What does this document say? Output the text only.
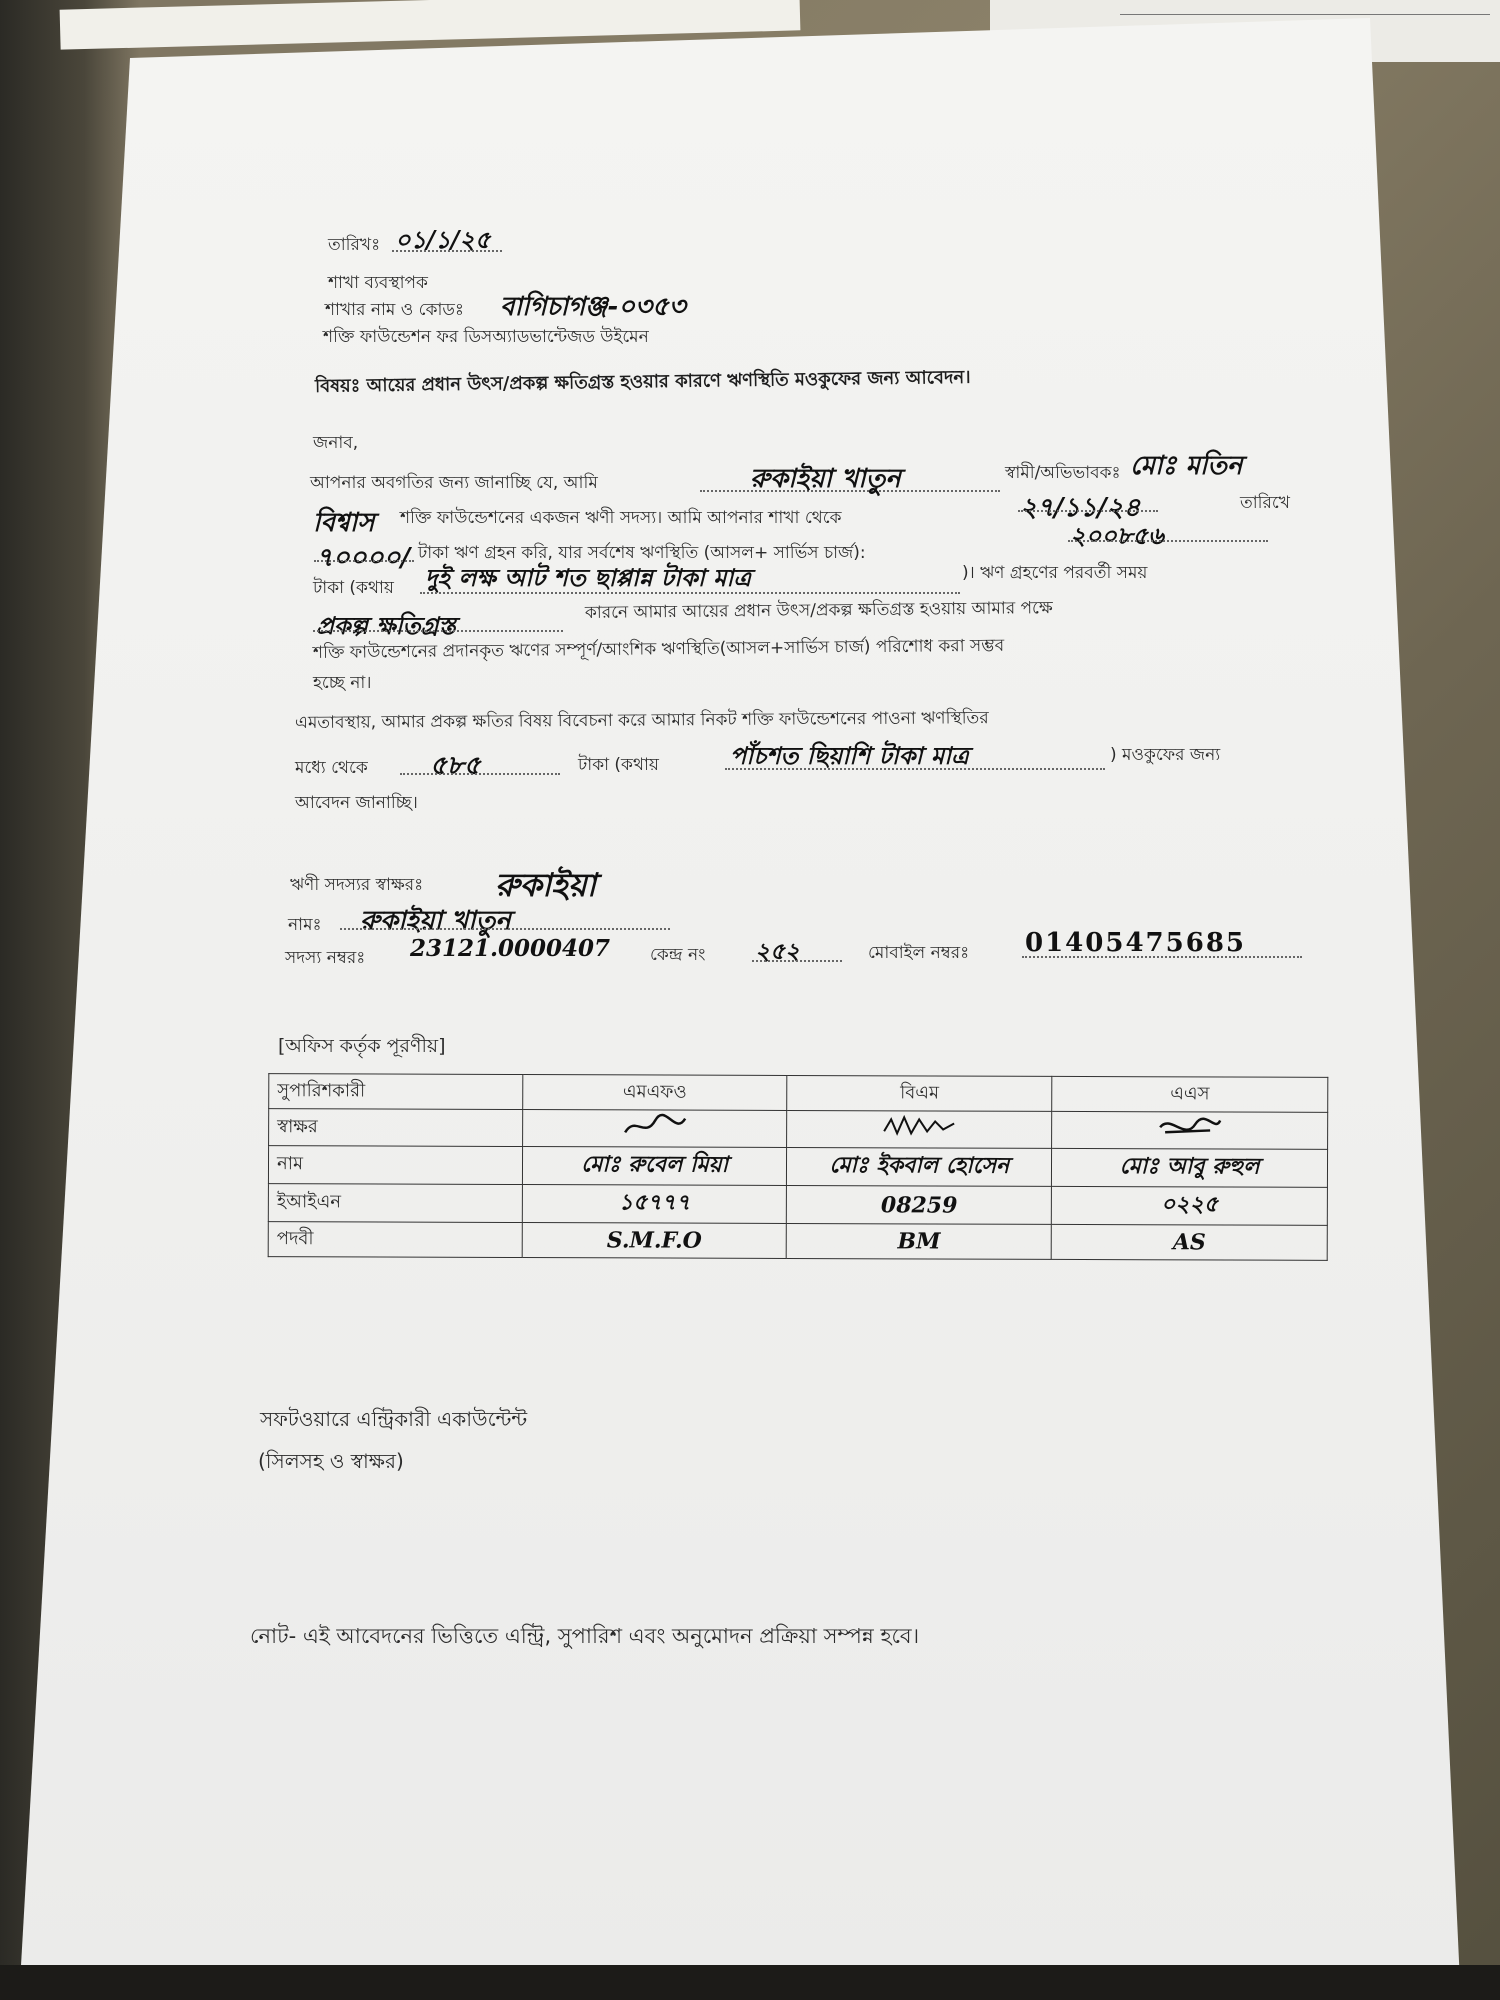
তারিখঃ ০১/১/২৫
শাখা ব্যবস্থাপক
শাখার নাম ও কোডঃ বাগিচাগঞ্জ-০৩৫৩
শক্তি ফাউন্ডেশন ফর ডিসঅ্যাডভান্টেজড উইমেন
বিষয়ঃ আয়ের প্রধান উৎস/প্রকল্প ক্ষতিগ্রস্ত হওয়ার কারণে ঋণস্থিতি মওকুফের জন্য আবেদন।
জনাব,
আপনার অবগতির জন্য জানাচ্ছি যে, আমি	রুকাইয়া খাতুন	স্বামী/অভিভাবকঃ মোঃ মতিন
বিশ্বাস শক্তি ফাউন্ডেশনের একজন ঋণী সদস্য। আমি আপনার শাখা থেকে	২৭/১১/২৪	তারিখে
৭০০০০/ টাকা ঋণ গ্রহন করি, যার সর্বশেষ ঋণস্থিতি (আসল+ সার্ভিস চার্জ):
২০০৮৫৬
টাকা (কথায় দুই লক্ষ আট শত ছাপ্পান্ন টাকা মাত্র	)। ঋণ গ্রহণের পরবর্তী সময়
প্রকল্প ক্ষতিগ্রস্ত
কারনে আমার আয়ের প্রধান উৎস/প্রকল্প ক্ষতিগ্রস্ত হওয়ায় আমার পক্ষে
শক্তি ফাউন্ডেশনের প্রদানকৃত ঋণের সম্পূর্ণ/আংশিক ঋণস্থিতি(আসল+সার্ভিস চার্জ) পরিশোধ করা সম্ভব
হচ্ছে না।
এমতাবস্থায়, আমার প্রকল্প ক্ষতির বিষয় বিবেচনা করে আমার নিকট শক্তি ফাউন্ডেশনের পাওনা ঋণস্থিতির
মধ্যে থেকে ৫৮৫	টাকা (কথায়	পাঁচশত ছিয়াশি টাকা মাত্র	) মওকুফের জন্য
আবেদন জানাচ্ছি।
ঋণী সদস্যর স্বাক্ষরঃ রুকাইয়া
নামঃ রুকাইয়া খাতুন
সদস্য নম্বরঃ 23121.0000407 কেন্দ্র নং ২৫২	মোবাইল নম্বরঃ 01405475685
[অফিস কর্তৃক পূরণীয়]
সুপারিশকারী	এমএফও	বিএম	এএস
স্বাক্ষর			
নাম	মোঃ রুবেল মিয়া	মোঃ ইকবাল হোসেন	মোঃ আবু রুহুল
ইআইএন	১৫৭৭৭	08259	০২২৫
পদবী	S.M.F.O	BM	AS
সফটওয়ারে এন্ট্রিকারী একাউন্টেন্ট
(সিলসহ ও স্বাক্ষর)
নোট- এই আবেদনের ভিত্তিতে এন্ট্রি, সুপারিশ এবং অনুমোদন প্রক্রিয়া সম্পন্ন হবে।
